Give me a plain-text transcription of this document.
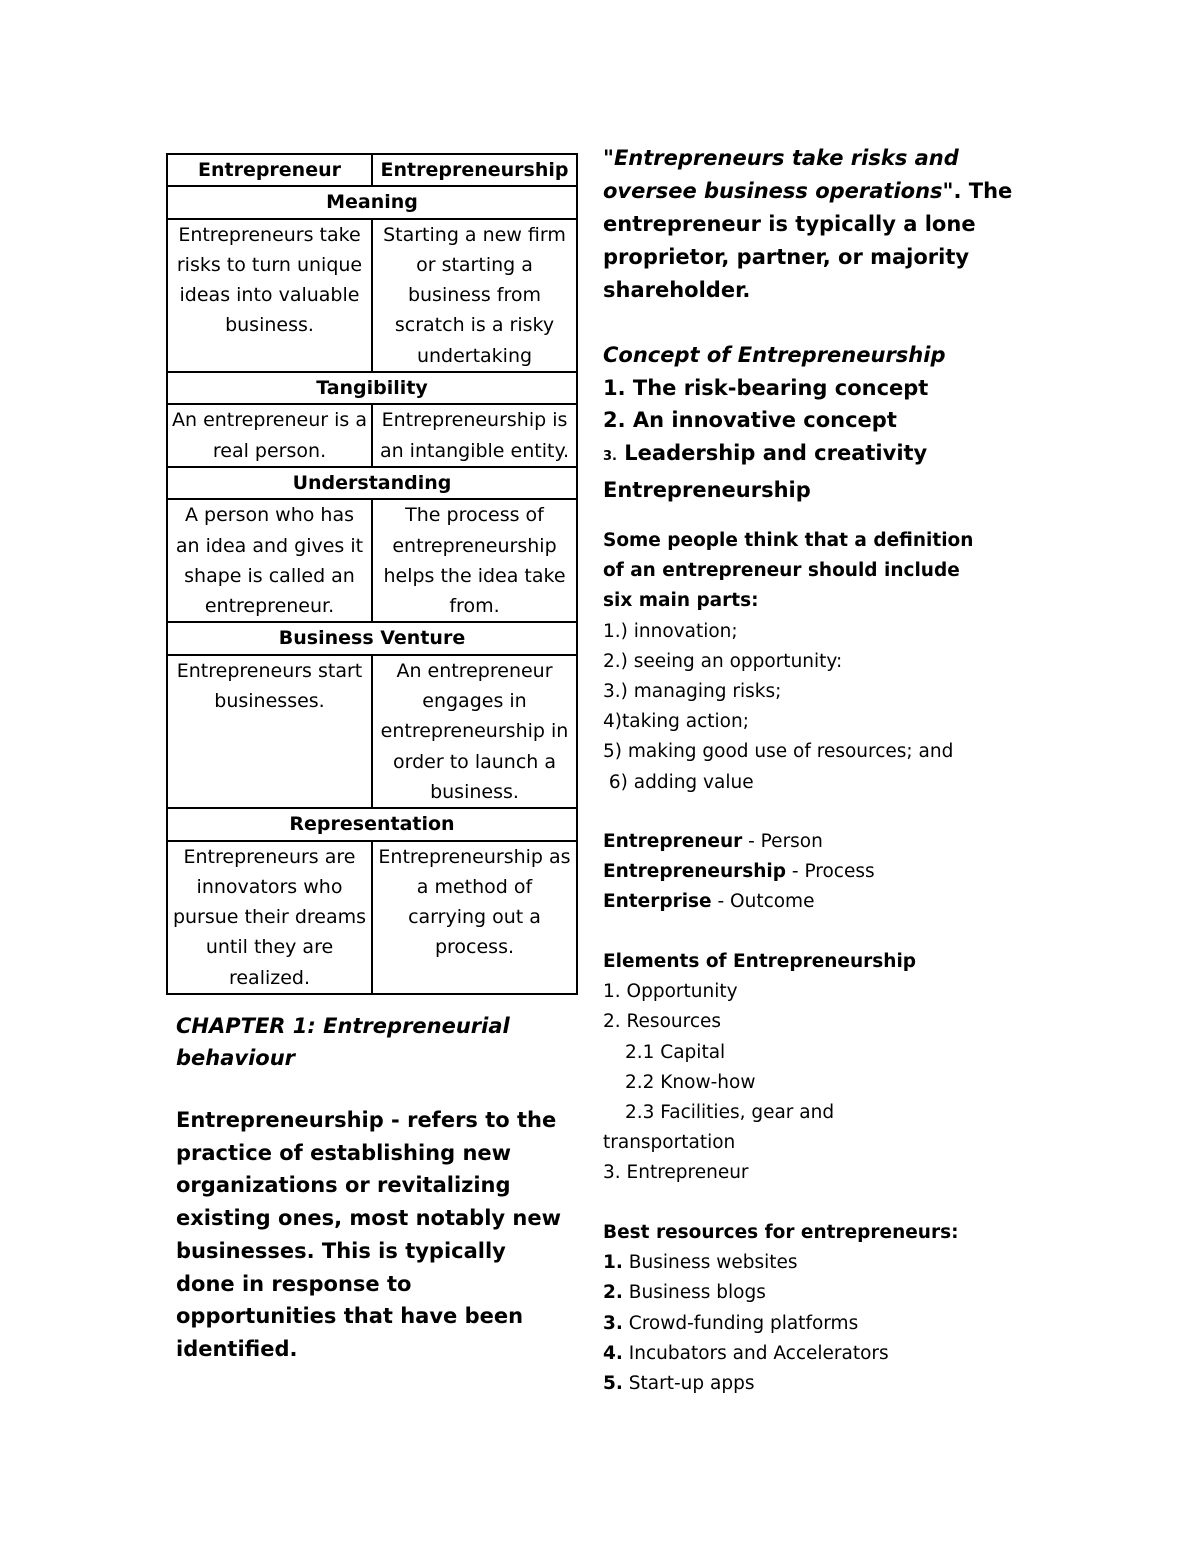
Entrepreneur	Entrepreneurship
Meaning	
Entrepreneurs take risks to turn unique ideas into valuable business.	Starting a new firm or starting a business from scratch is a risky undertaking
Tangibility	
An entrepreneur is a real person.	Entrepreneurship is an intangible entity.
Understanding	
A person who has an idea and gives it shape is called an entrepreneur.	The process of entrepreneurship helps the idea take from.
Business Venture	
Entrepreneurs start businesses.	An entrepreneur engages in entrepreneurship in order to launch a business.
Representation	
Entrepreneurs are innovators who pursue their dreams until they are realized.	Entrepreneurship as a method of carrying out a process.

CHAPTER 1: Entrepreneurial behaviour

Entrepreneurship - refers to the practice of establishing new organizations or revitalizing existing ones, most notably new businesses. This is typically done in response to opportunities that have been identified.

"Entrepreneurs take risks and oversee business operations". The entrepreneur is typically a lone proprietor, partner, or majority shareholder.

Concept of Entrepreneurship
1. The risk-bearing concept
2. An innovative concept
3. Leadership and creativity Entrepreneurship

Some people think that a definition of an entrepreneur should include six main parts:

1.) innovation;
2.) seeing an opportunity:
3.) managing risks;
4)taking action;
5) making good use of resources; and
6) adding value
Entrepreneur - Person
Entrepreneurship - Process
Enterprise - Outcome
Elements of Entrepreneurship
1. Opportunity
2. Resources
2.1 Capital
2.2 Know-how
2.3 Facilities, gear and
transportation
3. Entrepreneur
Best resources for entrepreneurs:
1. Business websites
2. Business blogs
3. Crowd-funding platforms
4. Incubators and Accelerators
5. Start-up apps
